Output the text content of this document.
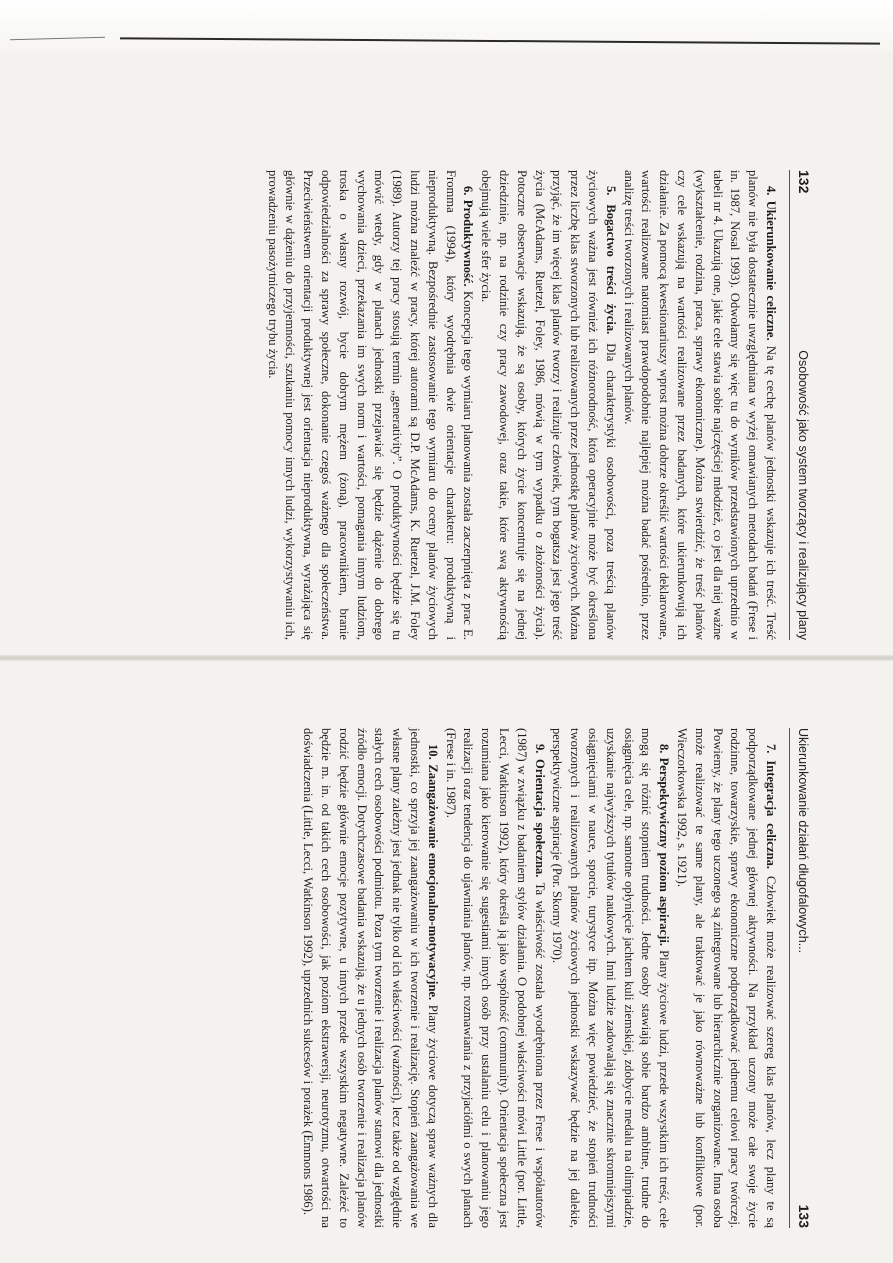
132
Osobowość jako system tworzący i realizujący plany

4. Ukierunkowanie celiczne. Na tę cechę planów jednostki wskazuje ich treść. Treść planów nie była dostatecznie uwzględniana w wyżej omawianych metodach badań (Frese i in. 1987, Nosal 1993). Odwołamy się więc tu do wyników przedstawionych uprzednio w tabeli nr 4. Ukazują one, jakie cele stawia sobie najczęściej młodzież, co jest dla niej ważne (wykształcenie, rodzina, praca, sprawy ekonomiczne). Można stwierdzić, że treść planów czy cele wskazują na wartości realizowane przez badanych, które ukierunkowują ich działanie. Za pomocą kwestionariuszy wprost można dobrze określić wartości deklarowane, wartości realizowane natomiast prawdopodobnie najlepiej można badać pośrednio, przez analizę treści tworzonych i realizowanych planów.

5. Bogactwo treści życia. Dla charakterystyki osobowości, poza treścią planów życiowych ważna jest również ich różnorodność, która operacyjnie może być określona przez liczbę klas stworzonych lub realizowanych przez jednostkę planów życiowych. Można przyjąć, że im więcej klas planów tworzy i realizuje człowiek, tym bogatsza jest jego treść życia (McAdams, Ruetzel, Foley, 1986, mówią w tym wypadku o złożoności życia). Potoczne obserwacje wskazują, że są osoby, których życie koncentruje się na jednej dziedzinie, np. na rodzinie czy pracy zawodowej, oraz takie, które swą aktywnością obejmują wiele sfer życia.

6. Produktywność. Koncepcja tego wymiaru planowania została zaczerpnięta z prac E. Fromma (1994), który wyodrębnia dwie orientacje charakteru: produktywną i nieproduktywną. Bezpośrednie zastosowanie tego wymiaru do oceny planów życiowych ludzi można znaleźć w pracy, której autorami są D.P. McAdams, K. Ruetzel, J.M. Foley (1989). Autorzy tej pracy stosują termin „generativity”. O produktywności będzie się tu mówić wtedy, gdy w planach jednostki przejawiać się będzie dążenie do dobrego wychowania dzieci, przekazania im swych norm i wartości, pomagania innym ludziom, troska o własny rozwój, bycie dobrym mężem (żoną), pracownikiem, branie odpowiedzialności za sprawy społeczne, dokonanie czegoś ważnego dla społeczeństwa. Przeciwieństwem orientacji produktywnej jest orientacja nieproduktywna, wyrażająca się głównie w dążeniu do przyjemności, szukaniu pomocy innych ludzi, wykorzystywaniu ich, prowadzeniu pasożytniczego trybu życia.

Ukierunkowanie działań długofalowych...
133

7. Integracja celiczna. Człowiek może realizować szereg klas planów, lecz plany te są podporządkowane jednej głównej aktywności. Na przykład uczony może całe swoje życie rodzinne, towarzyskie, sprawy ekonomiczne podporządkować jednemu celowi pracy twórczej. Powiemy, że plany tego uczonego są zintegrowane lub hierarchicznie zorganizowane. Inna osoba może realizować te same plany, ale traktować je jako równoważne lub konfliktowe (por. Wieczorkowska 1992, s. 1921).

8. Perspektywiczny poziom aspiracji. Plany życiowe ludzi, przede wszystkim ich treść, cele mogą się różnić stopniem trudności. Jedne osoby stawiają sobie bardzo ambitne, trudne do osiągnięcia cele, np. samotne opłynięcie jachtem kuli ziemskiej, zdobycie medalu na olimpiadzie, uzyskanie najwyższych tytułów naukowych. Inni ludzie zadowalają się znacznie skromniejszymi osiągnięciami w nauce, sporcie, turystyce itp. Można więc powiedzieć, że stopień trudności tworzonych i realizowanych planów życiowych jednostki wskazywać będzie na jej dalekie, perspektywiczne aspiracje (Por. Skorny 1970).

9. Orientacja społeczna. Ta właściwość została wyodrębniona przez Frese i współautorów (1987) w związku z badaniem stylów działania. O podobnej właściwości mówi Little (por. Little, Lecci, Watkinson 1992), który określa ją jako wspólność (community). Orientacja społeczna jest rozumiana jako kierowanie się sugestiami innych osób przy ustalaniu celu i planowaniu jego realizacji oraz tendencja do ujawniania planów, np. rozmawiania z przyjaciółmi o swych planach (Frese i in. 1987).

10. Zaangażowanie emocjonalno-motywacyjne. Plany życiowe dotyczą spraw ważnych dla jednostki, co sprzyja jej zaangażowaniu w ich tworzenie i realizację. Stopień zaangażowania we własne plany zależny jest jednak nie tylko od ich właściwości (ważności), lecz także od względnie stałych cech osobowości podmiotu. Poza tym tworzenie i realizacja planów stanowi dla jednostki źródło emocji. Dotychczasowe badania wskazują, że u jednych osób tworzenie i realizacja planów rodzić będzie głównie emocje pozytywne, u innych przede wszystkim negatywne. Zależeć to będzie m. in. od takich cech osobowości, jak poziom ekstrawersji, neurotyzmu, otwartości na doświadczenia (Little, Lecci, Watkinson 1992), uprzednich sukcesów i porażek (Emmons 1986).
